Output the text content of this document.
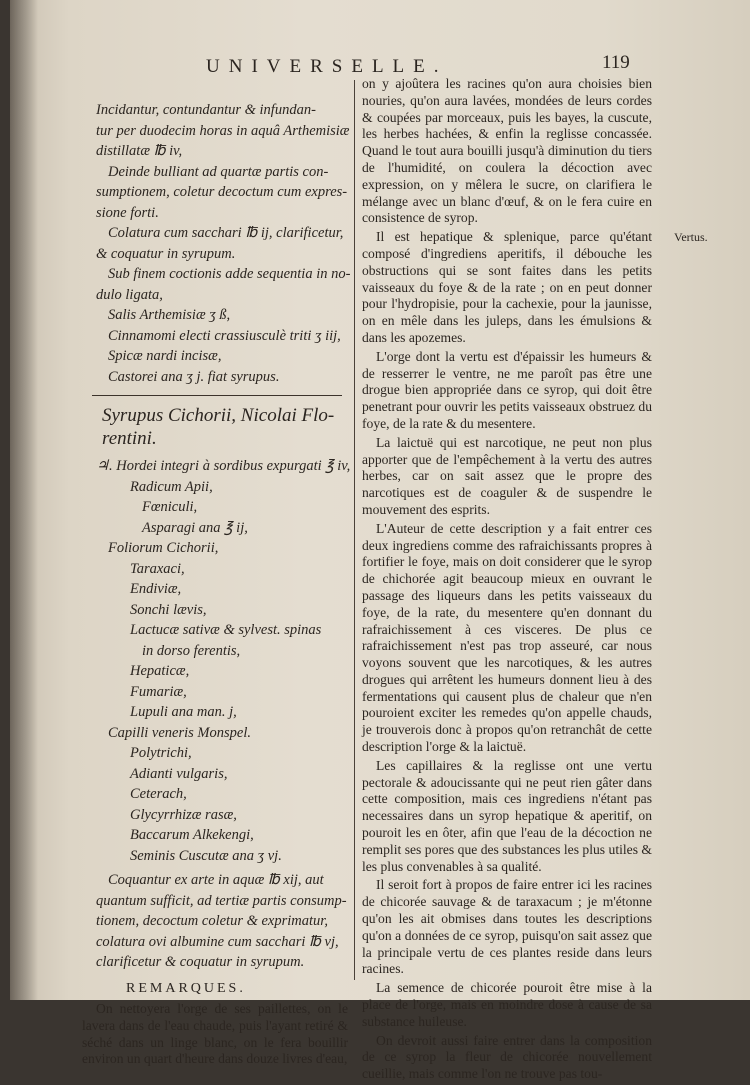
UNIVERSELLE.	119
Incidantur, contundantur & infundan-
tur per duodecim horas in aquâ Arthemisiæ
distillatæ ℔ iv,
Deinde bulliant ad quartæ partis con-
sumptionem, coletur decoctum cum expres-
sione forti.
Colatura cum sacchari ℔ ij, clarificetur,
& coquatur in syrupum.
Sub finem coctionis adde sequentia in no-
dulo ligata,
Salis Arthemisiæ ʒ ß,
Cinnamomi electi crassiusculè triti ʒ iij,
Spicæ nardi incisæ,
Castorei ana ʒ j. fiat syrupus.
Syrupus Cichorii, Nicolai Flo- rentini.
♃. Hordei integri à sordibus expurgati ℥ iv,
Radicum Apii,
Fœniculi,
Asparagi ana ℥ ij,
Foliorum Cichorii,
Taraxaci,
Endiviæ,
Sonchi lævis,
Lactucæ sativæ & sylvest. spinas
in dorso ferentis,
Hepaticæ,
Fumariæ,
Lupuli ana man. j,
Capilli veneris Monspel.
Polytrichi,
Adianti vulgaris,
Ceterach,
Glycyrrhizæ rasæ,
Baccarum Alkekengi,
Seminis Cuscutæ ana ʒ vj.
Coquantur ex arte in aquæ ℔ xij, aut
quantum sufficit, ad tertiæ partis consump-
tionem, decoctum coletur & exprimatur,
colatura ovi albumine cum sacchari ℔ vj,
clarificetur & coquatur in syrupum.
REMARQUES.
On nettoyera l'orge de ses paillettes, on le lavera dans de l'eau chaude, puis l'ayant retiré & séché dans un linge blanc, on le fera bouillir environ un quart d'heure dans douze livres d'eau,

on y ajoûtera les racines qu'on aura choisies bien nouries, qu'on aura lavées, mondées de leurs cordes & coupées par morceaux, puis les bayes, la cuscute, les herbes hachées, & enfin la reglisse concassée. Quand le tout aura bouilli jusqu'à diminution du tiers de l'humidité, on coulera la décoction avec expression, on y mêlera le sucre, on clarifiera le mélange avec un blanc d'œuf, & on le fera cuire en consistence de syrop.

Il est hepatique & splenique, parce qu'étant composé d'ingrediens aperitifs, il débouche les obstructions qui se sont faites dans les petits vaisseaux du foye & de la rate ; on en peut donner pour l'hydropisie, pour la cachexie, pour la jaunisse, on en mêle dans les juleps, dans les émulsions & dans les apozemes.

L'orge dont la vertu est d'épaissir les humeurs & de resserrer le ventre, ne me paroît pas être une drogue bien appropriée dans ce syrop, qui doit être penetrant pour ouvrir les petits vaisseaux obstruez du foye, de la rate & du mesentere.

La laictuë qui est narcotique, ne peut non plus apporter que de l'empêchement à la vertu des autres herbes, car on sait assez que le propre des narcotiques est de coaguler & de suspendre le mouvement des esprits.

L'Auteur de cette description y a fait entrer ces deux ingrediens comme des rafraichissants propres à fortifier le foye, mais on doit considerer que le syrop de chichorée agit beaucoup mieux en ouvrant le passage des liqueurs dans les petits vaisseaux du foye, de la rate, du mesentere qu'en donnant du rafraichissement à ces visceres. De plus ce rafraichissement n'est pas trop asseuré, car nous voyons souvent que les narcotiques, & les autres drogues qui arrêtent les humeurs donnent lieu à des fermentations qui causent plus de chaleur que n'en pouroient exciter les remedes qu'on appelle chauds, je trouverois donc à propos qu'on retranchât de cette description l'orge & la laictuë.

Les capillaires & la reglisse ont une vertu pectorale & adoucissante qui ne peut rien gâter dans cette composition, mais ces ingrediens n'étant pas necessaires dans un syrop hepatique & aperitif, on pouroit les en ôter, afin que l'eau de la décoction ne remplit ses pores que des substances les plus utiles & les plus convenables à sa qualité.

Il seroit fort à propos de faire entrer ici les racines de chicorée sauvage & de taraxacum ; je m'étonne qu'on les ait obmises dans toutes les descriptions qu'on a données de ce syrop, puisqu'on sait assez que la principale vertu de ces plantes reside dans leurs racines.

La semence de chicorée pouroit être mise à la place de l'orge, mais en moindre dose à cause de sa substance huileuse.

On devroit aussi faire entrer dans la composition de ce syrop la fleur de chicorée nouvellement cueillie, mais comme l'on ne trouve pas tou-

Vertus.
